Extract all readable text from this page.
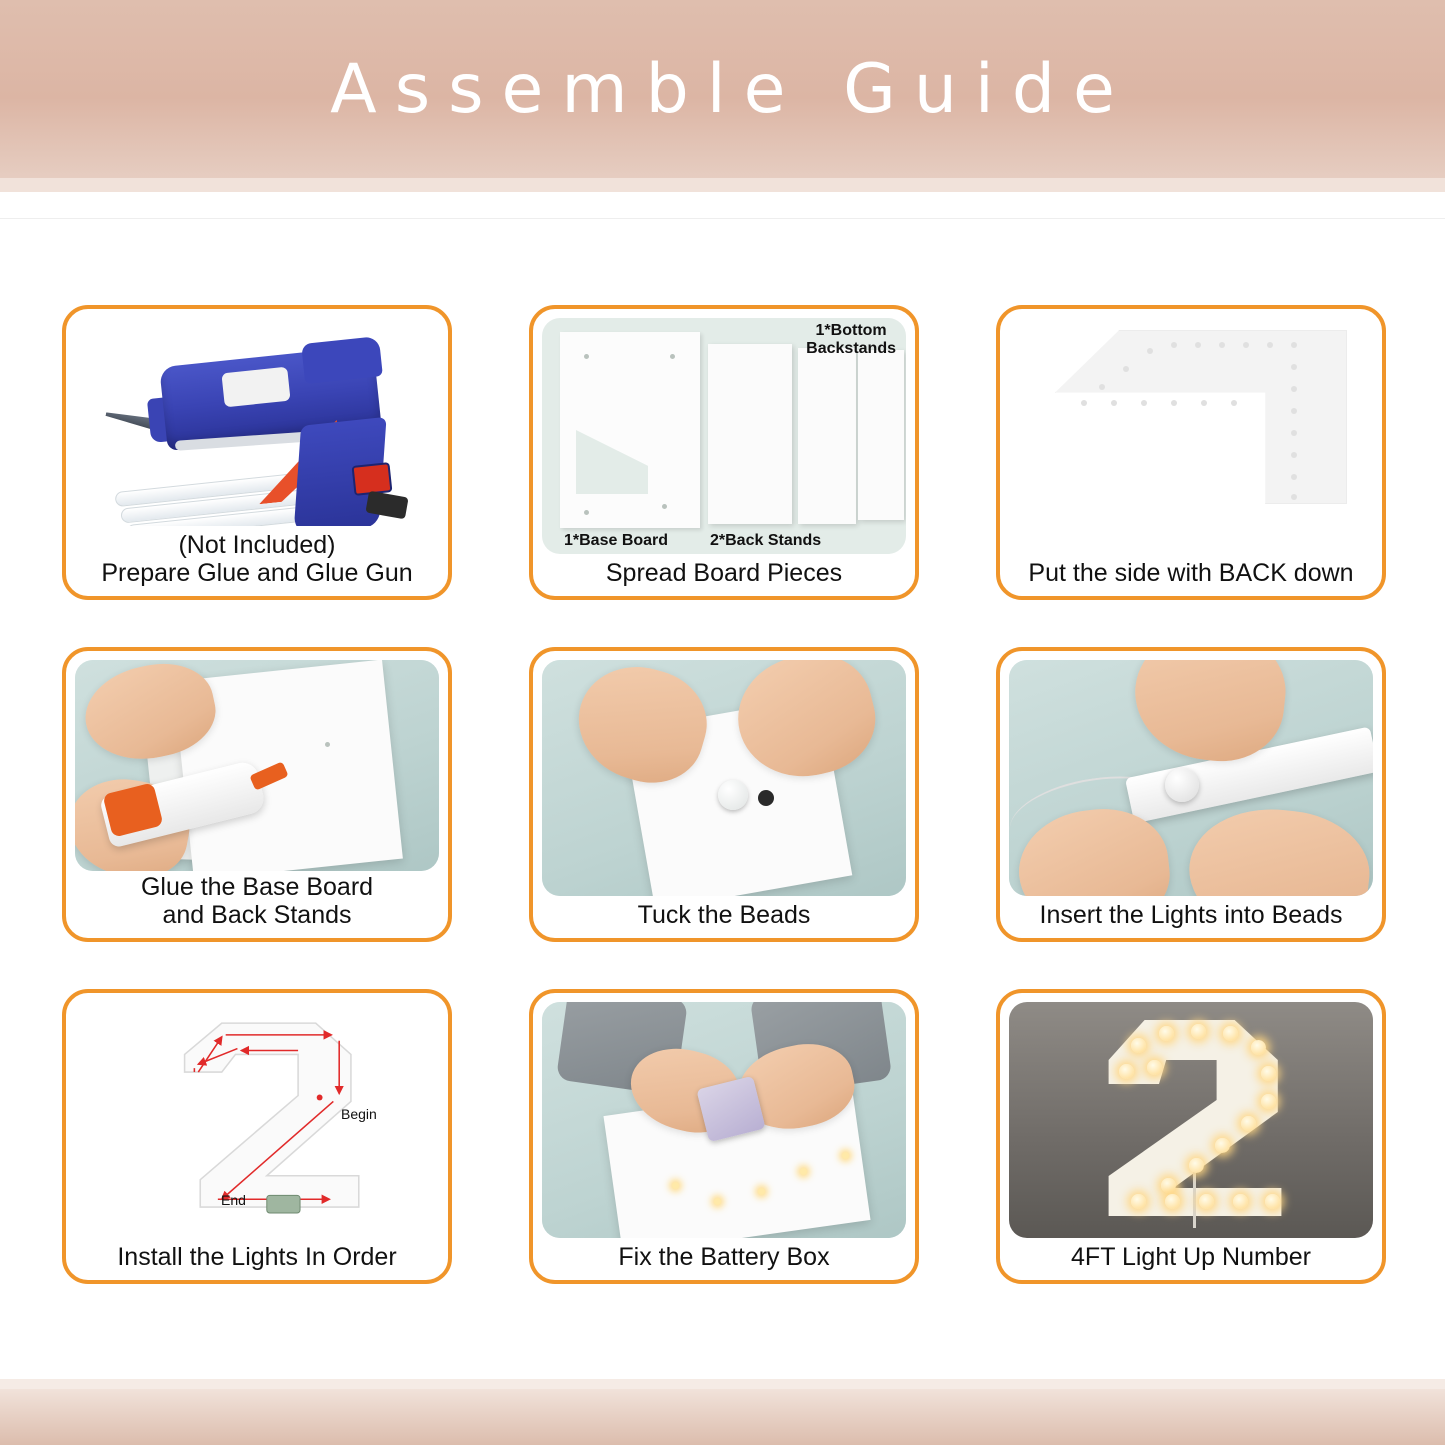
Assemble Guide
(Not Included)
Prepare Glue and Glue Gun
1*Bottom
Backstands
1*Base Board	2*Back Stands
Spread Board Pieces	Put the side with BACK down
Glue the Base Board
and Back Stands	Tuck the Beads	Insert the Lights into Beads
Begin
End
Install the Lights In Order	Fix the Battery Box	4FT Light Up Number
